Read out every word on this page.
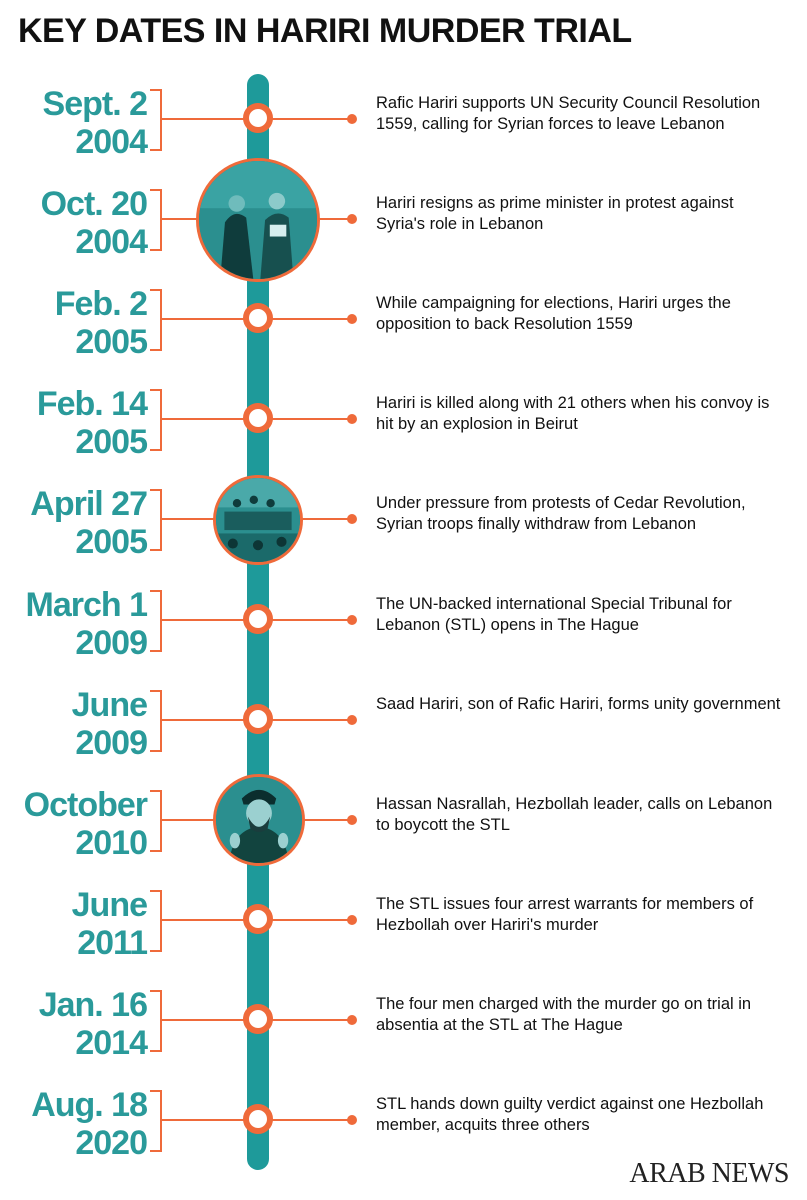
KEY DATES IN HARIRI MURDER TRIAL
Sept. 2
2004
Rafic Hariri supports UN Security Council Resolution 1559, calling for Syrian forces to leave Lebanon
Oct. 20
2004
Hariri resigns as prime minister in protest against Syria's role in Lebanon
Feb. 2
2005
While campaigning for elections, Hariri urges the opposition to back Resolution 1559
Feb. 14
2005
Hariri is killed along with 21 others when his convoy is hit by an explosion in Beirut
April 27
2005
Under pressure from protests of Cedar Revolution, Syrian troops finally withdraw from Lebanon
March 1
2009
The UN-backed international Special Tribunal for Lebanon (STL) opens in The Hague
June
2009
Saad Hariri, son of Rafic Hariri, forms unity government
October
2010
Hassan Nasrallah, Hezbollah leader, calls on Lebanon to boycott the STL
June
2011
The STL issues four arrest warrants for members of Hezbollah over Hariri's murder
Jan. 16
2014
The four men charged with the murder go on trial in absentia at the STL at The Hague
Aug. 18
2020
STL hands down guilty verdict against one Hezbollah member, acquits three others
ARAB NEWS
